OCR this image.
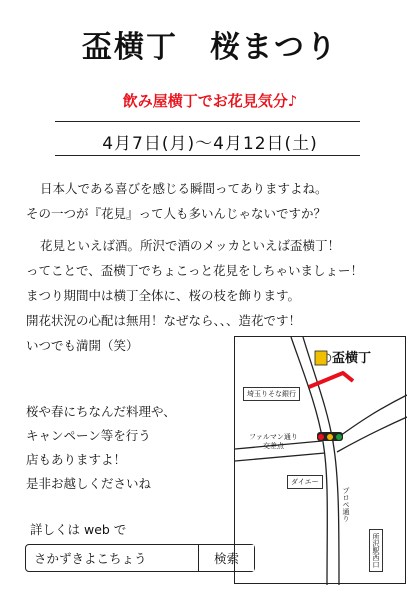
盃横丁　桜まつり
飲み屋横丁でお花見気分♪
4月7日(月)〜4月12日(土)
日本人である喜びを感じる瞬間ってありますよね。
その一つが『花見』って人も多いんじゃないですか？
花見といえば酒。所沢で酒のメッカといえば盃横丁！
ってことで、盃横丁でちょこっと花見をしちゃいましょー！
まつり期間中は横丁全体に、桜の枝を飾ります。
開花状況の心配は無用！なぜなら、、、造花です！
いつでも満開（笑）
桜や春にちなんだ料理や、
キャンペーン等を行う
店もありますよ！
是非お越しくださいね
詳しくは web で
さかずきよこちょう
検索
盃横丁
埼玉りそな銀行
ファルマン通り
交差点
ダイエー
プロペ通り
所沢駅西口
